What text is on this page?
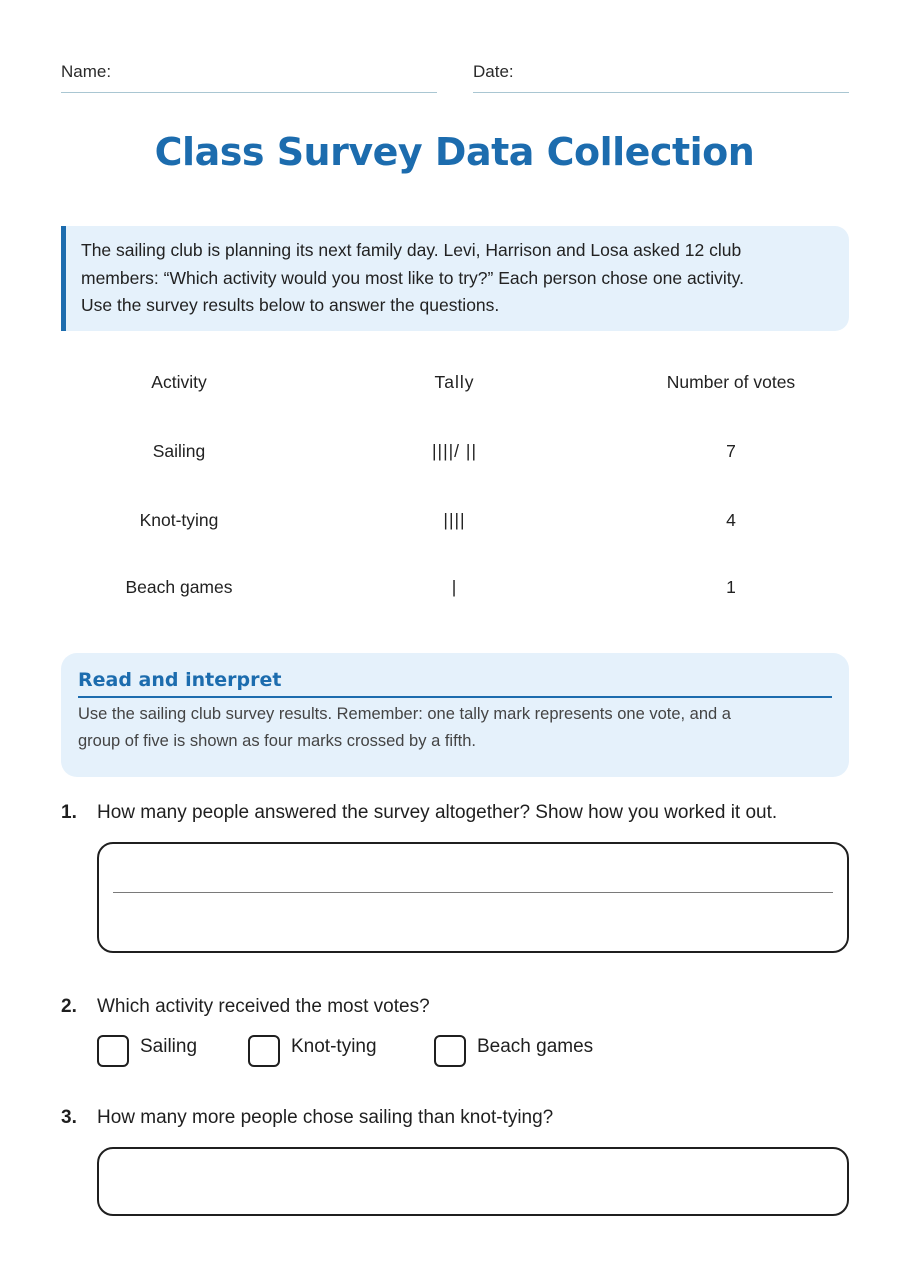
Name:	Date:
Class Survey Data Collection
The sailing club is planning its next family day. Levi, Harrison and Losa asked 12 club
members: “Which activity would you most like to try?” Each person chose one activity.
Use the survey results below to answer the questions.
Activity	Tally	Number of votes
Sailing	||||/ ||	7
Knot-tying	||||	4
Beach games	|	1
Read and interpret
Use the sailing club survey results. Remember: one tally mark represents one vote, and a
group of five is shown as four marks crossed by a fifth.
1. How many people answered the survey altogether? Show how you worked it out.
2. Which activity received the most votes?
Sailing	Knot-tying	Beach games
3. How many more people chose sailing than knot-tying?
